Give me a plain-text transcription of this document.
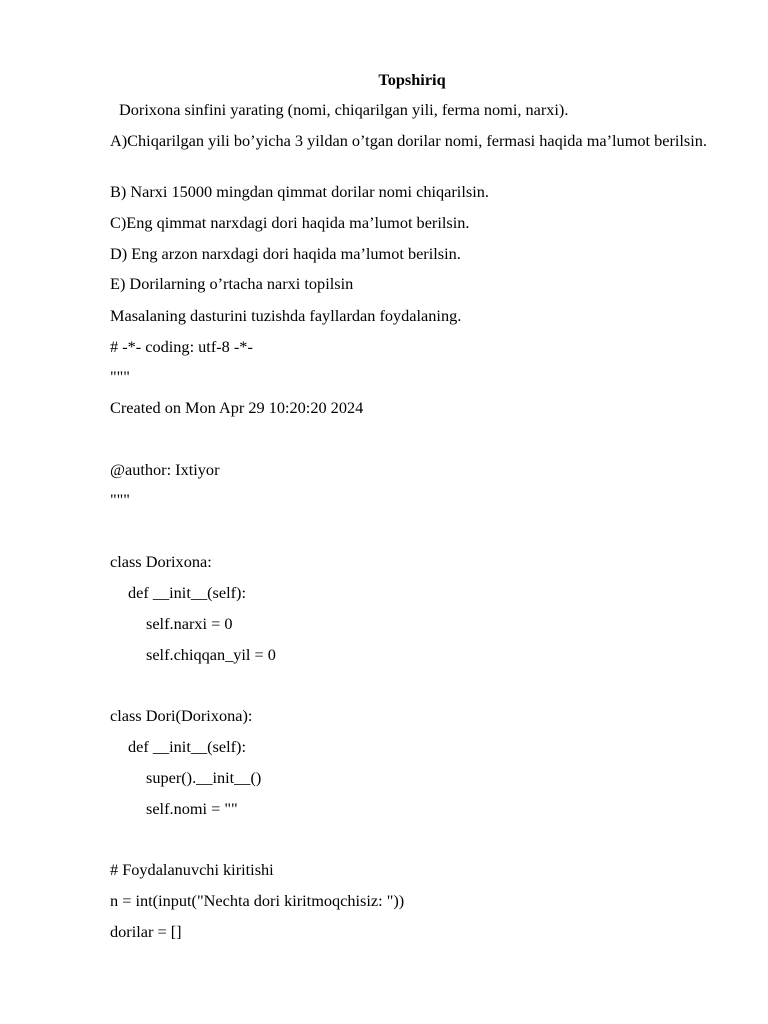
Topshiriq
Dorixona sinfini yarating (nomi, chiqarilgan yili, ferma nomi, narxi).
A)Chiqarilgan yili bo’yicha 3 yildan o’tgan dorilar nomi, fermasi haqida ma’lumot berilsin.
B) Narxi 15000 mingdan qimmat dorilar nomi chiqarilsin.
C)Eng qimmat narxdagi dori haqida ma’lumot berilsin.
D) Eng arzon narxdagi dori haqida ma’lumot berilsin.
E) Dorilarning o’rtacha narxi topilsin
Masalaning dasturini tuzishda fayllardan foydalaning.
# -*- coding: utf-8 -*-
"""
Created on Mon Apr 29 10:20:20 2024
@author: Ixtiyor
"""
class Dorixona:
def __init__(self):
self.narxi = 0
self.chiqqan_yil = 0
class Dori(Dorixona):
def __init__(self):
super().__init__()
self.nomi = ""
# Foydalanuvchi kiritishi
n = int(input("Nechta dori kiritmoqchisiz: "))
dorilar = []
